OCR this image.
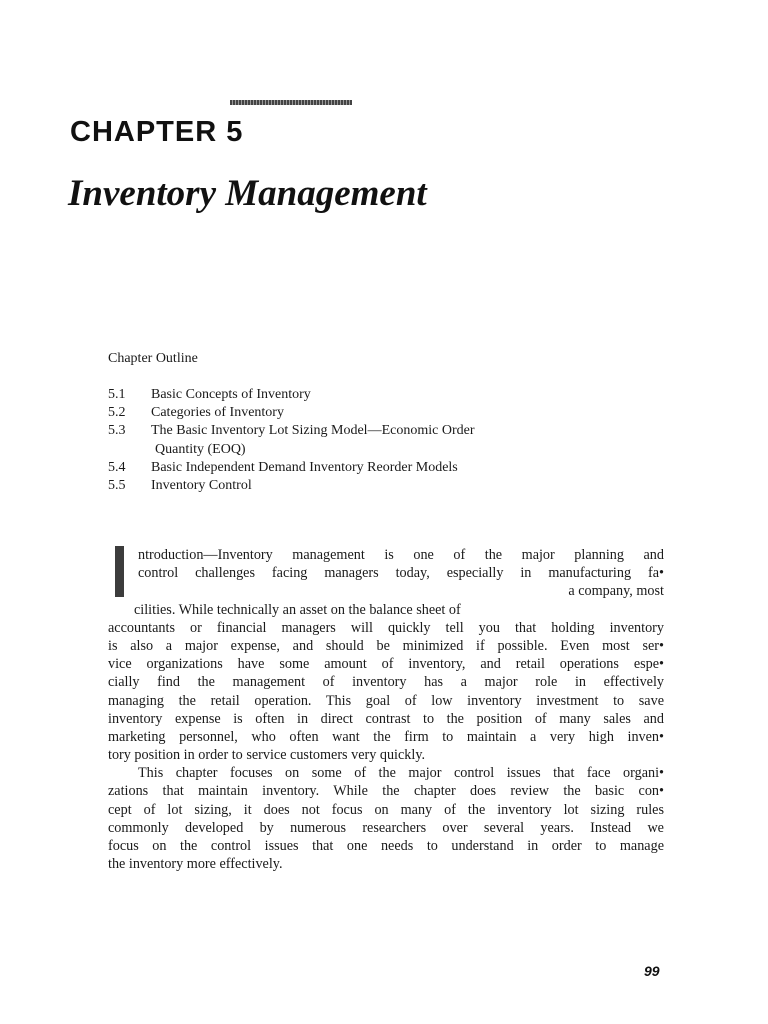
CHAPTER 5
Inventory Management
Chapter Outline
5.1	Basic Concepts of Inventory
5.2	Categories of Inventory
5.3	The Basic Inventory Lot Sizing Model—Economic Order
Quantity (EOQ)
5.4	Basic Independent Demand Inventory Reorder Models
5.5	Inventory Control
ntroduction—Inventory management is one of the major planning and
control challenges facing managers today, especially in manufacturing fa•
a company, most
cilities. While technically an asset on the balance sheet of
accountants or financial managers will quickly tell you that holding inventory
is also a major expense, and should be minimized if possible. Even most ser•
vice organizations have some amount of inventory, and retail operations espe•
cially find the management of inventory has a major role in effectively
managing the retail operation. This goal of low inventory investment to save
inventory expense is often in direct contrast to the position of many sales and
marketing personnel, who often want the firm to maintain a very high inven•
tory position in order to service customers very quickly.
This chapter focuses on some of the major control issues that face organi•
zations that maintain inventory. While the chapter does review the basic con•
cept of lot sizing, it does not focus on many of the inventory lot sizing rules
commonly developed by numerous researchers over several years. Instead we
focus on the control issues that one needs to understand in order to manage
the inventory more effectively.
99
